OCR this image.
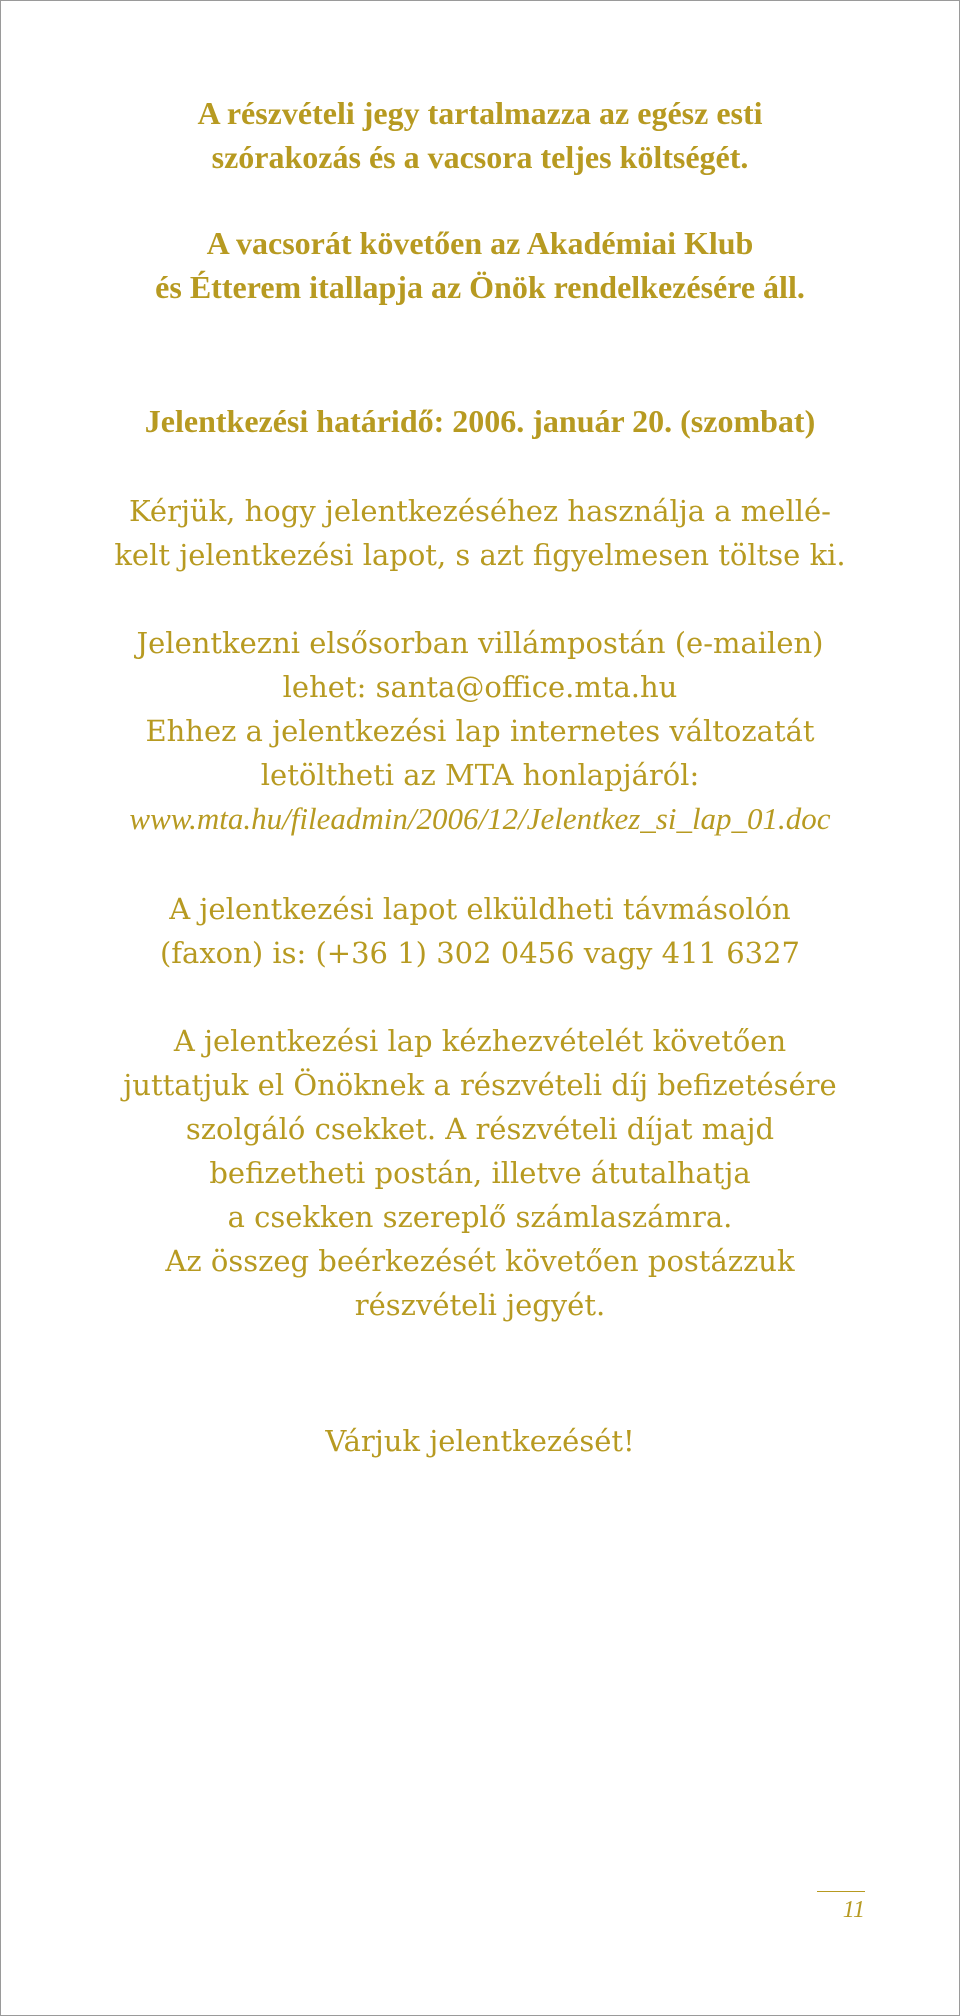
A részvételi jegy tartalmazza az egész esti
szórakozás és a vacsora teljes költségét.
A vacsorát követően az Akadémiai Klub
és Étterem itallapja az Önök rendelkezésére áll.
Jelentkezési határidő: 2006. január 20. (szombat)
Kérjük, hogy jelentkezéséhez használja a mellé-
kelt jelentkezési lapot, s azt figyelmesen töltse ki.
Jelentkezni elsősorban villámpostán (e-mailen)
lehet: santa@office.mta.hu
Ehhez a jelentkezési lap internetes változatát
letöltheti az MTA honlapjáról:
www.mta.hu/fileadmin/2006/12/Jelentkez_si_lap_01.doc
A jelentkezési lapot elküldheti távmásolón
(faxon) is: (+36 1) 302 0456 vagy 411 6327
A jelentkezési lap kézhezvételét követően
juttatjuk el Önöknek a részvételi díj befizetésére
szolgáló csekket. A részvételi díjat majd
befizetheti postán, illetve átutalhatja
a csekken szereplő számlaszámra.
Az összeg beérkezését követően postázzuk
részvételi jegyét.
Várjuk jelentkezését!
11
